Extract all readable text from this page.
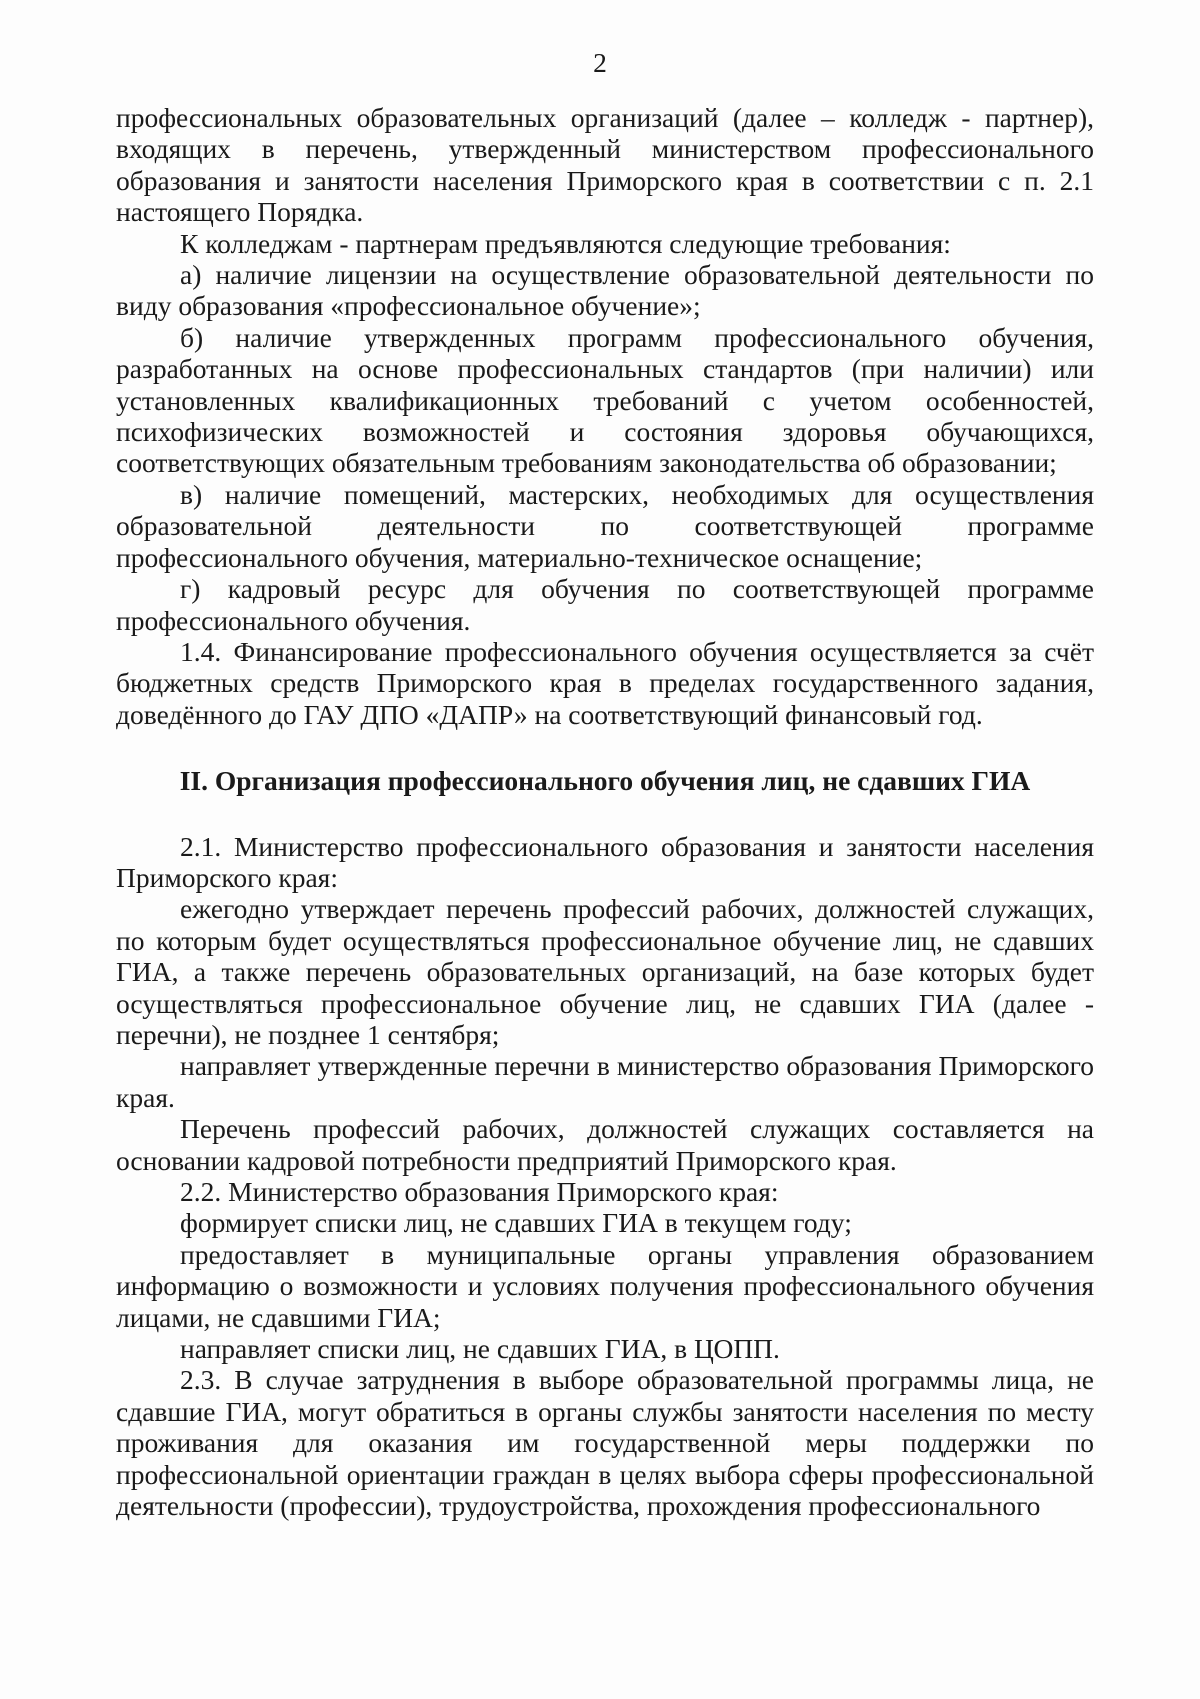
2

профессиональных образовательных организаций (далее – колледж - партнер), входящих в перечень, утвержденный министерством профессионального образования и занятости населения Приморского края в соответствии с п. 2.1 настоящего Порядка.

К колледжам - партнерам предъявляются следующие требования:

а) наличие лицензии на осуществление образовательной деятельности по виду образования «профессиональное обучение»;

б) наличие утвержденных программ профессионального обучения, разработанных на основе профессиональных стандартов (при наличии) или установленных квалификационных требований с учетом особенностей, психофизических возможностей и состояния здоровья обучающихся, соответствующих обязательным требованиям законодательства об образовании;

в) наличие помещений, мастерских, необходимых для осуществления образовательной деятельности по соответствующей программе профессионального обучения, материально-техническое оснащение;

г) кадровый ресурс для обучения по соответствующей программе профессионального обучения.

1.4. Финансирование профессионального обучения осуществляется за счёт бюджетных средств Приморского края в пределах государственного задания, доведённого до ГАУ ДПО «ДАПР» на соответствующий финансовый год.

II. Организация профессионального обучения лиц, не сдавших ГИА

2.1. Министерство профессионального образования и занятости населения Приморского края:

ежегодно утверждает перечень профессий рабочих, должностей служащих, по которым будет осуществляться профессиональное обучение лиц, не сдавших ГИА, а также перечень образовательных организаций, на базе которых будет осуществляться профессиональное обучение лиц, не сдавших ГИА (далее - перечни), не позднее 1 сентября;

направляет утвержденные перечни в министерство образования Приморского края.

Перечень профессий рабочих, должностей служащих составляется на основании кадровой потребности предприятий Приморского края.

2.2. Министерство образования Приморского края:

формирует списки лиц, не сдавших ГИА в текущем году;

предоставляет в муниципальные органы управления образованием информацию о возможности и условиях получения профессионального обучения лицами, не сдавшими ГИА;

направляет списки лиц, не сдавших ГИА, в ЦОПП.

2.3. В случае затруднения в выборе образовательной программы лица, не сдавшие ГИА, могут обратиться в органы службы занятости населения по месту проживания для оказания им государственной меры поддержки по профессиональной ориентации граждан в целях выбора сферы профессиональной деятельности (профессии), трудоустройства, прохождения профессионального
